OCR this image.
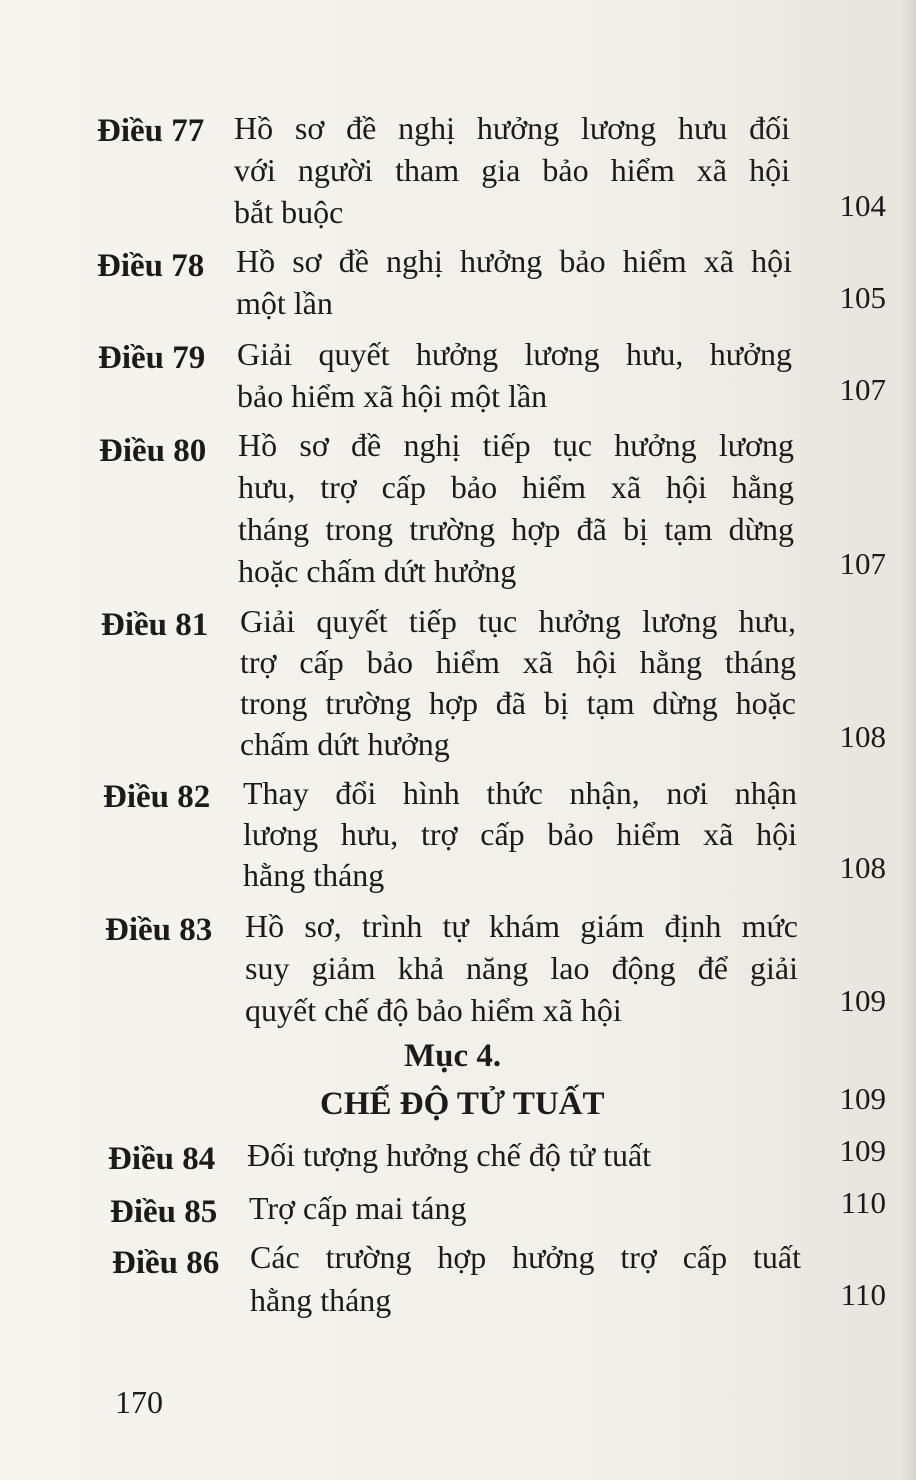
Điều 77 Hồ sơ đề nghị hưởng lương hưu đối
với người tham gia bảo hiểm xã hội
bắt buộc	104
Điều 78 Hồ sơ đề nghị hưởng bảo hiểm xã hội
một lần	105
Điều 79 Giải quyết hưởng lương hưu, hưởng
bảo hiểm xã hội một lần	107
Điều 80 Hồ sơ đề nghị tiếp tục hưởng lương
hưu, trợ cấp bảo hiểm xã hội hằng
tháng trong trường hợp đã bị tạm dừng
hoặc chấm dứt hưởng	107
Điều 81 Giải quyết tiếp tục hưởng lương hưu,
trợ cấp bảo hiểm xã hội hằng tháng
trong trường hợp đã bị tạm dừng hoặc
chấm dứt hưởng	108
Điều 82 Thay đổi hình thức nhận, nơi nhận
lương hưu, trợ cấp bảo hiểm xã hội
hằng tháng	108
Điều 83 Hồ sơ, trình tự khám giám định mức
suy giảm khả năng lao động để giải
quyết chế độ bảo hiểm xã hội	109
Mục 4.
CHẾ ĐỘ TỬ TUẤT	109
Điều 84 Đối tượng hưởng chế độ tử tuất	109
Điều 85 Trợ cấp mai táng	110
Điều 86 Các trường hợp hưởng trợ cấp tuất
hằng tháng	110
170
